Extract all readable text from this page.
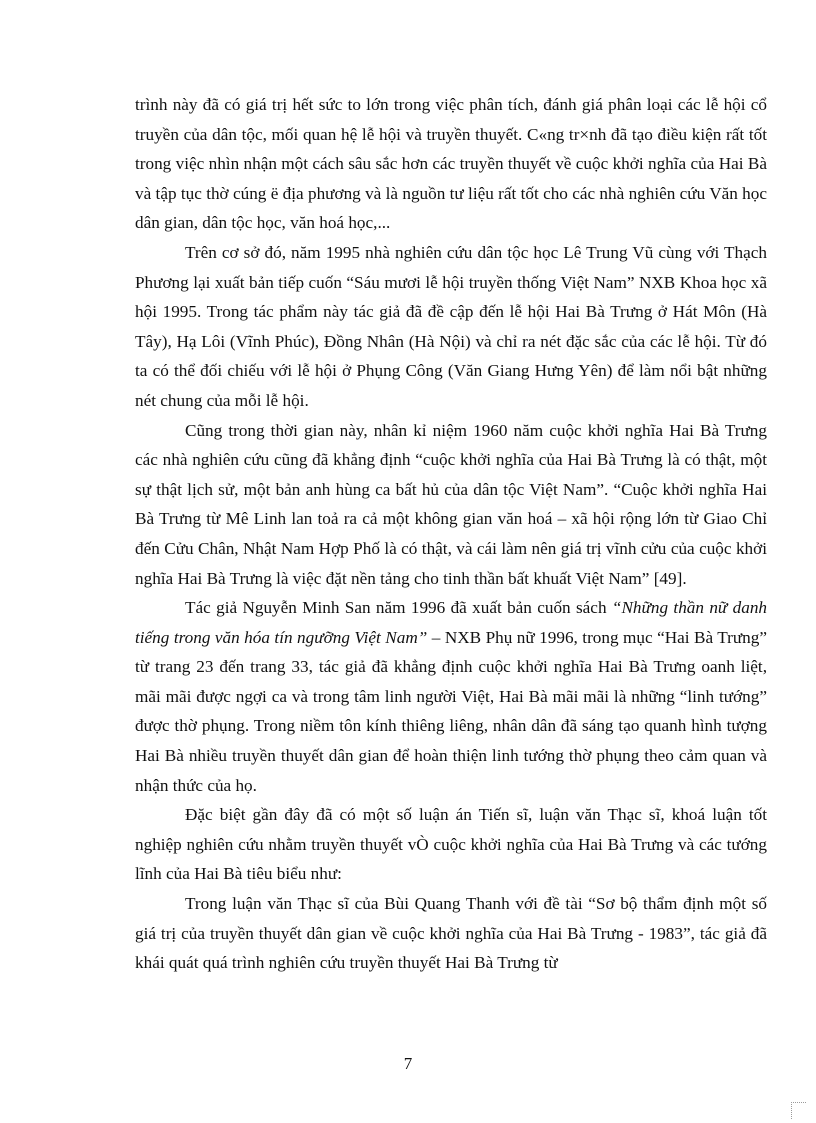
trình này đã có giá trị hết sức to lớn trong việc phân tích, đánh giá phân loại các lễ hội cổ truyền của dân tộc, mối quan hệ lễ hội và truyền thuyết. C«ng tr×nh đã tạo điều kiện rất tốt trong việc nhìn nhận một cách sâu sắc hơn các truyền thuyết về cuộc khởi nghĩa của Hai Bà và tập tục thờ cúng ë địa phương và là nguồn tư liệu rất tốt cho các nhà nghiên cứu Văn học dân gian, dân tộc học, văn hoá học,...

Trên cơ sở đó, năm 1995 nhà nghiên cứu dân tộc học Lê Trung Vũ cùng với Thạch Phương lại xuất bản tiếp cuốn “Sáu mươi lễ hội truyền thống Việt Nam” NXB Khoa học xã hội 1995. Trong tác phẩm này tác giả đã đề cập đến lễ hội Hai Bà Trưng ở Hát Môn (Hà Tây), Hạ Lôi (Vĩnh Phúc), Đồng Nhân (Hà Nội) và chỉ ra nét đặc sắc của các lễ hội. Từ đó ta có thể đối chiếu với lễ hội ở Phụng Công (Văn Giang Hưng Yên) để làm nổi bật những nét chung của mỗi lễ hội.

Cũng trong thời gian này, nhân kỉ niệm 1960 năm cuộc khởi nghĩa Hai Bà Trưng các nhà nghiên cứu cũng đã khẳng định “cuộc khởi nghĩa của Hai Bà Trưng là có thật, một sự thật lịch sử, một bản anh hùng ca bất hủ của dân tộc Việt Nam”. “Cuộc khởi nghĩa Hai Bà Trưng từ Mê Linh lan toả ra cả một không gian văn hoá – xã hội rộng lớn từ Giao Chỉ đến Cửu Chân, Nhật Nam Hợp Phố là có thật, và cái làm nên giá trị vĩnh cửu của cuộc khởi nghĩa Hai Bà Trưng là việc đặt nền tảng cho tinh thần bất khuất Việt Nam” [49].

Tác giả Nguyễn Minh San năm 1996 đã xuất bản cuốn sách “Những thần nữ danh tiếng trong văn hóa tín ngưỡng Việt Nam” – NXB Phụ nữ 1996, trong mục “Hai Bà Trưng” từ trang 23 đến trang 33, tác giả đã khẳng định cuộc khởi nghĩa Hai Bà Trưng oanh liệt, mãi mãi được ngợi ca và trong tâm linh người Việt, Hai Bà mãi mãi là những “linh tướng” được thờ phụng. Trong niềm tôn kính thiêng liêng, nhân dân đã sáng tạo quanh hình tượng Hai Bà nhiều truyền thuyết dân gian để hoàn thiện linh tướng thờ phụng theo cảm quan và nhận thức của họ.

Đặc biệt gần đây đã có một số luận án Tiến sĩ, luận văn Thạc sĩ, khoá luận tốt nghiệp nghiên cứu nhằm truyền thuyết vÒ cuộc khởi nghĩa của Hai Bà Trưng và các tướng lĩnh của Hai Bà tiêu biểu như:

Trong luận văn Thạc sĩ của Bùi Quang Thanh với đề tài “Sơ bộ thẩm định một số giá trị của truyền thuyết dân gian về cuộc khởi nghĩa của Hai Bà Trưng - 1983”, tác giả đã khái quát quá trình nghiên cứu truyền thuyết Hai Bà Trưng từ

7
